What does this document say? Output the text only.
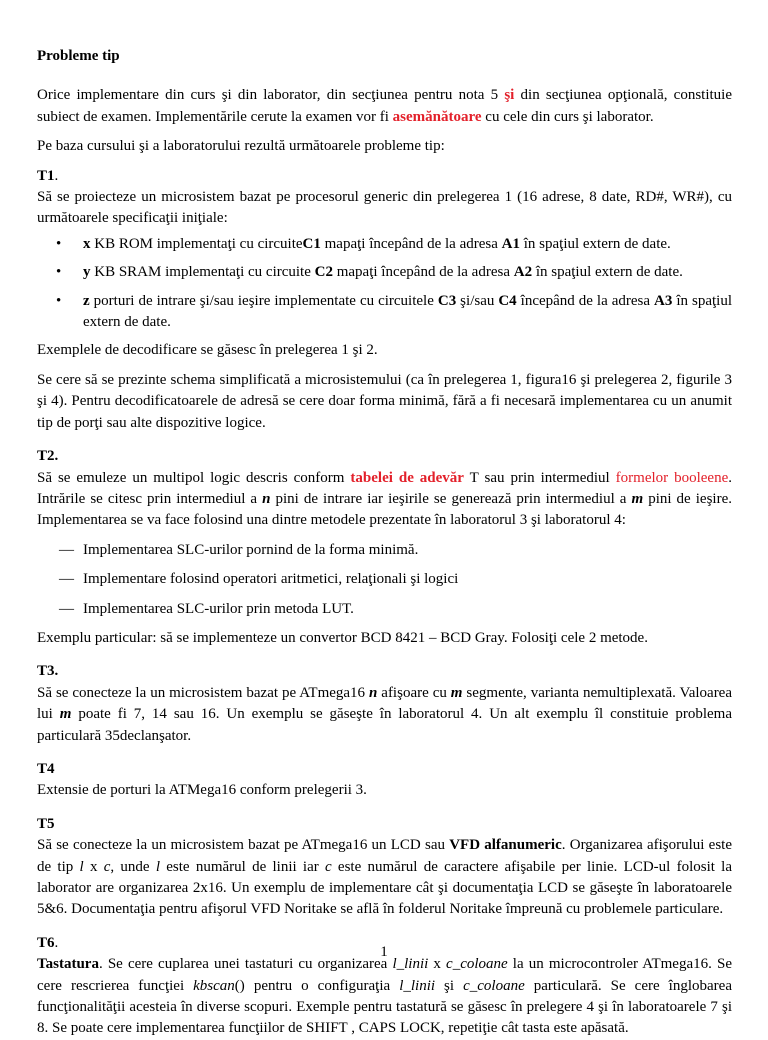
Probleme tip

Orice implementare din curs şi din laborator, din secţiunea pentru nota 5 şi din secţiunea opţională, constituie subiect de examen. Implementările cerute la examen vor fi asemănătoare cu cele din curs şi laborator.

Pe baza cursului şi a laboratorului rezultă următoarele probleme tip:

T1.

Să se proiecteze un microsistem bazat pe procesorul generic din prelegerea 1 (16 adrese, 8 date, RD#, WR#), cu următoarele specificaţii iniţiale:

• x KB ROM implementaţi cu circuiteC1 mapaţi începând de la adresa A1 în spaţiul extern de date.
• y KB SRAM implementaţi cu circuite C2 mapaţi începând de la adresa A2 în spaţiul extern de date.
• z porturi de intrare şi/sau ieşire implementate cu circuitele C3 şi/sau C4 începând de la adresa A3 în spaţiul extern de date.

Exemplele de decodificare se găsesc în prelegerea 1 şi 2.

Se cere să se prezinte schema simplificată a microsistemului (ca în prelegerea 1, figura16 şi prelegerea 2, figurile 3 şi 4). Pentru decodificatoarele de adresă se cere doar forma minimă, fără a fi necesară implementarea cu un anumit tip de porţi sau alte dispozitive logice.

T2.

Să se emuleze un multipol logic descris conform tabelei de adevăr T sau prin intermediul formelor booleene. Intrările se citesc prin intermediul a n pini de intrare iar ieşirile se generează prin intermediul a m pini de ieşire. Implementarea se va face folosind una dintre metodele prezentate în laboratorul 3 şi laboratorul 4:

— Implementarea SLC-urilor pornind de la forma minimă.
— Implementare folosind operatori aritmetici, relaţionali şi logici
— Implementarea SLC-urilor prin metoda LUT.

Exemplu particular: să se implementeze un convertor BCD 8421 – BCD Gray. Folosiţi cele 2 metode.

T3.

Să se conecteze la un microsistem bazat pe ATmega16 n afişoare cu m segmente, varianta nemultiplexată. Valoarea lui m poate fi 7, 14 sau 16. Un exemplu se găseşte în laboratorul 4. Un alt exemplu îl constituie problema particulară 35declanşator.

T4

Extensie de porturi la ATMega16 conform prelegerii 3.

T5

Să se conecteze la un microsistem bazat pe ATmega16 un LCD sau VFD alfanumeric. Organizarea afişorului este de tip l x c, unde l este numărul de linii iar c este numărul de caractere afişabile per linie. LCD-ul folosit la laborator are organizarea 2x16. Un exemplu de implementare cât şi documentaţia LCD se găseşte în laboratoarele 5&6. Documentaţia pentru afişorul VFD Noritake se află în folderul Noritake împreună cu problemele particulare.

T6.

Tastatura. Se cere cuplarea unei tastaturi cu organizarea l_linii x c_coloane la un microcontroler ATmega16. Se cere rescrierea funcţiei kbscan() pentru o configuraţia l_linii şi c_coloane particulară. Se cere înglobarea funcţionalităţii acesteia în diverse scopuri. Exemple pentru tastatură se găsesc în prelegere 4 şi în laboratoarele 7 şi 8. Se poate cere implementarea funcţiilor de SHIFT , CAPS LOCK, repetiţie cât tasta este apăsată.

1
